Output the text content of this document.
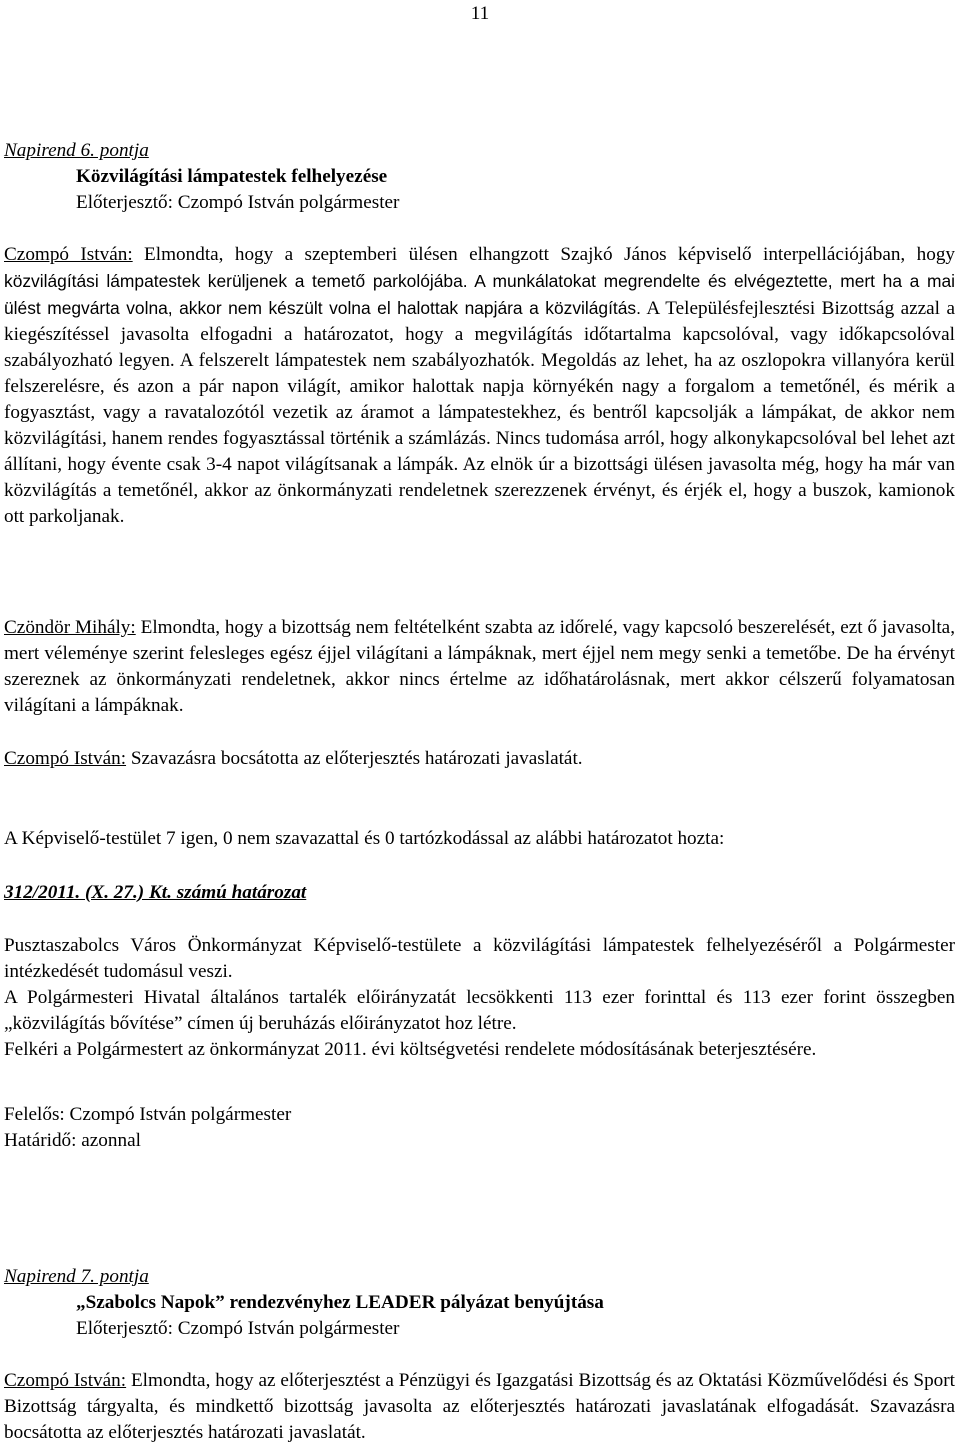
11

Napirend 6. pontja

Közvilágítási lámpatestek felhelyezése

Előterjesztő: Czompó István polgármester

Czompó István: Elmondta, hogy a szeptemberi ülésen elhangzott Szajkó János képviselő interpellációjában, hogy közvilágítási lámpatestek kerüljenek a temető parkolójába. A munkálatokat megrendelte és elvégeztette, mert ha a mai ülést megvárta volna, akkor nem készült volna el halottak napjára a közvilágítás. A Településfejlesztési Bizottság azzal a kiegészítéssel javasolta elfogadni a határozatot, hogy a megvilágítás időtartalma kapcsolóval, vagy időkapcsolóval szabályozható legyen. A felszerelt lámpatestek nem szabályozhatók. Megoldás az lehet, ha az oszlopokra villanyóra kerül felszerelésre, és azon a pár napon világít, amikor halottak napja környékén nagy a forgalom a temetőnél, és mérik a fogyasztást, vagy a ravatalozótól vezetik az áramot a lámpatestekhez, és bentről kapcsolják a lámpákat, de akkor nem közvilágítási, hanem rendes fogyasztással történik a számlázás. Nincs tudomása arról, hogy alkonykapcsolóval bel lehet azt állítani, hogy évente csak 3-4 napot világítsanak a lámpák. Az elnök úr a bizottsági ülésen javasolta még, hogy ha már van közvilágítás a temetőnél, akkor az önkormányzati rendeletnek szerezzenek érvényt, és érjék el, hogy a buszok, kamionok ott parkoljanak.
Czöndör Mihály: Elmondta, hogy a bizottság nem feltételként szabta az időrelé, vagy kapcsoló beszerelését, ezt ő javasolta, mert véleménye szerint felesleges egész éjjel világítani a lámpáknak, mert éjjel nem megy senki a temetőbe. De ha érvényt szereznek az önkormányzati rendeletnek, akkor nincs értelme az időhatárolásnak, mert akkor célszerű folyamatosan világítani a lámpáknak.
Czompó István: Szavazásra bocsátotta az előterjesztés határozati javaslatát.
A Képviselő-testület 7 igen, 0 nem szavazattal és 0 tartózkodással az alábbi határozatot hozta:
312/2011. (X. 27.) Kt. számú határozat

Pusztaszabolcs Város Önkormányzat Képviselő-testülete a közvilágítási lámpatestek felhelyezéséről a Polgármester intézkedését tudomásul veszi.

A Polgármesteri Hivatal általános tartalék előirányzatát lecsökkenti 113 ezer forinttal és 113 ezer forint összegben „közvilágítás bővítése” címen új beruházás előirányzatot hoz létre.

Felkéri a Polgármestert az önkormányzat 2011. évi költségvetési rendelete módosításának beterjesztésére.

Felelős: Czompó István polgármester

Határidő: azonnal

Napirend 7. pontja

„Szabolcs Napok” rendezvényhez LEADER pályázat benyújtása

Előterjesztő: Czompó István polgármester

Czompó István: Elmondta, hogy az előterjesztést a Pénzügyi és Igazgatási Bizottság és az Oktatási Közművelődési és Sport Bizottság tárgyalta, és mindkettő bizottság javasolta az előterjesztés határozati javaslatának elfogadását. Szavazásra bocsátotta az előterjesztés határozati javaslatát.
